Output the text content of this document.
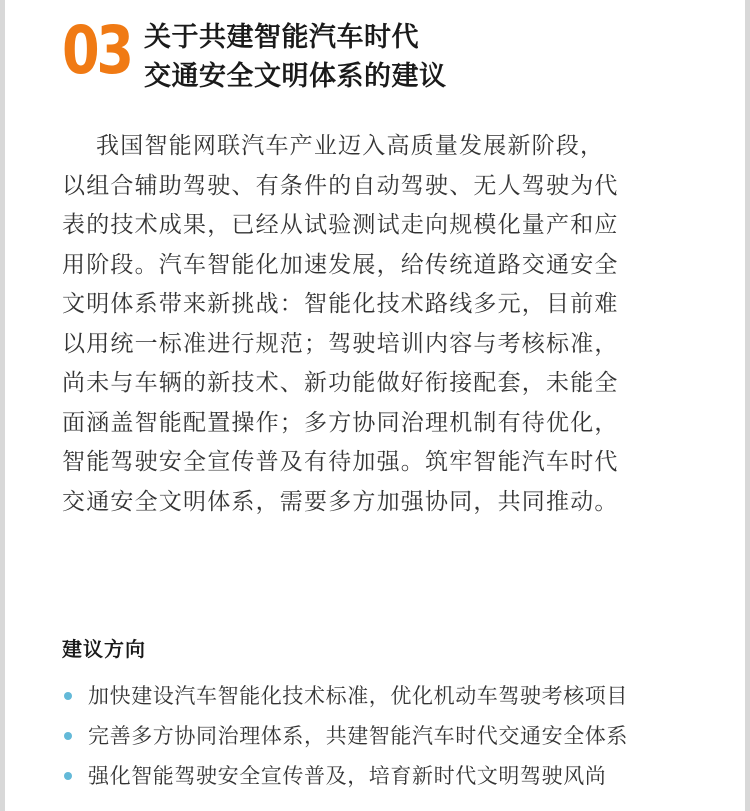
03 关于共建智能汽车时代
交通安全文明体系的建议
我国智能网联汽车产业迈入高质量发展新阶段，
以组合辅助驾驶、有条件的自动驾驶、无人驾驶为代
表的技术成果，已经从试验测试走向规模化量产和应
用阶段。汽车智能化加速发展，给传统道路交通安全
文明体系带来新挑战：智能化技术路线多元，目前难
以用统一标准进行规范；驾驶培训内容与考核标准，
尚未与车辆的新技术、新功能做好衔接配套，未能全
面涵盖智能配置操作；多方协同治理机制有待优化，
智能驾驶安全宣传普及有待加强。筑牢智能汽车时代
交通安全文明体系，需要多方加强协同，共同推动。
建议方向
加快建设汽车智能化技术标准，优化机动车驾驶考核项目
完善多方协同治理体系，共建智能汽车时代交通安全体系
强化智能驾驶安全宣传普及，培育新时代文明驾驶风尚
